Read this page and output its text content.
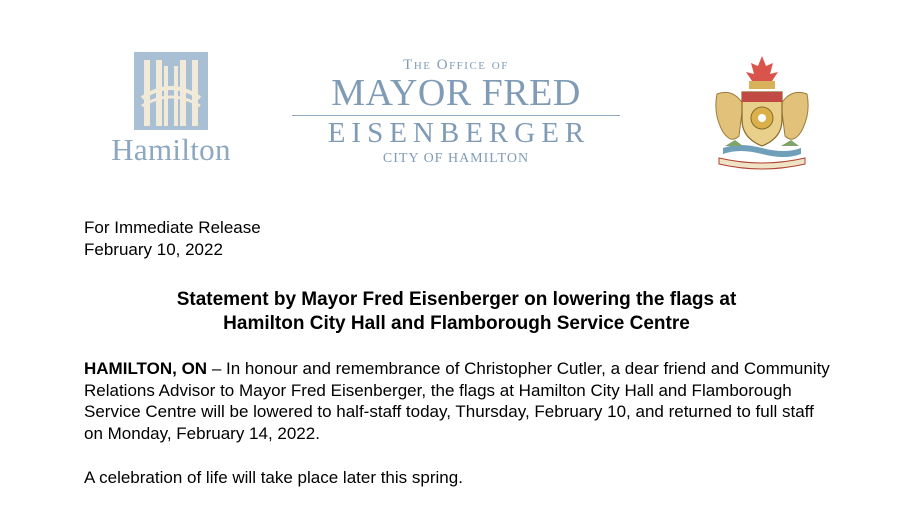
Hamilton
The Office of
MAYOR FRED
EISENBERGER
CITY OF HAMILTON
For Immediate Release
February 10, 2022
Statement by Mayor Fred Eisenberger on lowering the flags at
Hamilton City Hall and Flamborough Service Centre

HAMILTON, ON – In honour and remembrance of Christopher Cutler, a dear friend and Community Relations Advisor to Mayor Fred Eisenberger, the flags at Hamilton City Hall and Flamborough Service Centre will be lowered to half-staff today, Thursday, February 10, and returned to full staff on Monday, February 14, 2022.

A celebration of life will take place later this spring.
